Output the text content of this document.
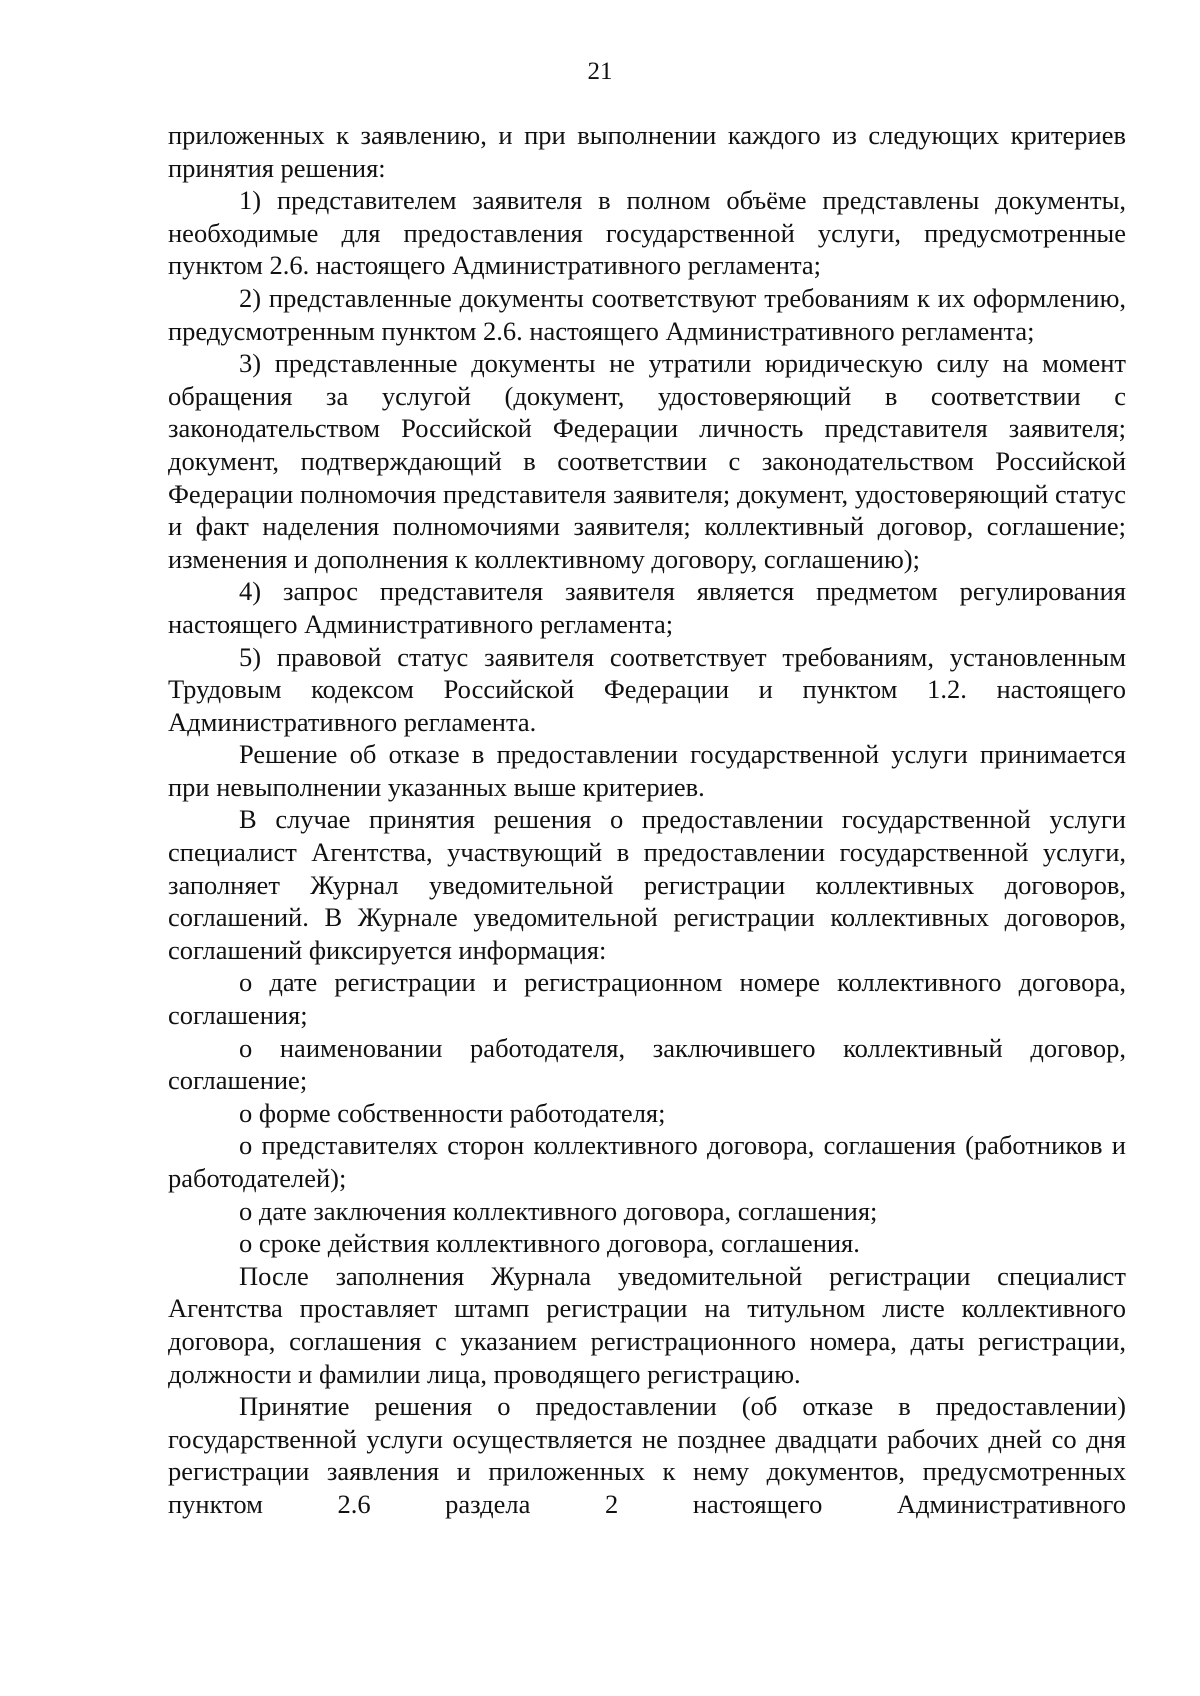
21

приложенных к заявлению, и при выполнении каждого из следующих критериев принятия решения:

1) представителем заявителя в полном объёме представлены документы, необходимые для предоставления государственной услуги, предусмотренные пунктом 2.6. настоящего Административного регламента;

2) представленные документы соответствуют требованиям к их оформлению, предусмотренным пунктом 2.6. настоящего Административного регламента;

3) представленные документы не утратили юридическую силу на момент обращения за услугой (документ, удостоверяющий в соответствии с законодательством Российской Федерации личность представителя заявителя; документ, подтверждающий в соответствии с законодательством Российской Федерации полномочия представителя заявителя; документ, удостоверяющий статус и факт наделения полномочиями заявителя; коллективный договор, соглашение; изменения и дополнения к коллективному договору, соглашению);

4) запрос представителя заявителя является предметом регулирования настоящего Административного регламента;

5) правовой статус заявителя соответствует требованиям, установленным Трудовым кодексом Российской Федерации и пунктом 1.2. настоящего Административного регламента.

Решение об отказе в предоставлении государственной услуги принимается при невыполнении указанных выше критериев.

В случае принятия решения о предоставлении государственной услуги специалист Агентства, участвующий в предоставлении государственной услуги, заполняет Журнал уведомительной регистрации коллективных договоров, соглашений. В Журнале уведомительной регистрации коллективных договоров, соглашений фиксируется информация:

о дате регистрации и регистрационном номере коллективного договора, соглашения;

о наименовании работодателя, заключившего коллективный договор, соглашение;

о форме собственности работодателя;

о представителях сторон коллективного договора, соглашения (работников и работодателей);

о дате заключения коллективного договора, соглашения;

о сроке действия коллективного договора, соглашения.

После заполнения Журнала уведомительной регистрации специалист Агентства проставляет штамп регистрации на титульном листе коллективного договора, соглашения с указанием регистрационного номера, даты регистрации, должности и фамилии лица, проводящего регистрацию.

Принятие решения о предоставлении (об отказе в предоставлении) государственной услуги осуществляется не позднее двадцати рабочих дней со дня регистрации заявления и приложенных к нему документов, предусмотренных пунктом 2.6 раздела 2 настоящего Административного
